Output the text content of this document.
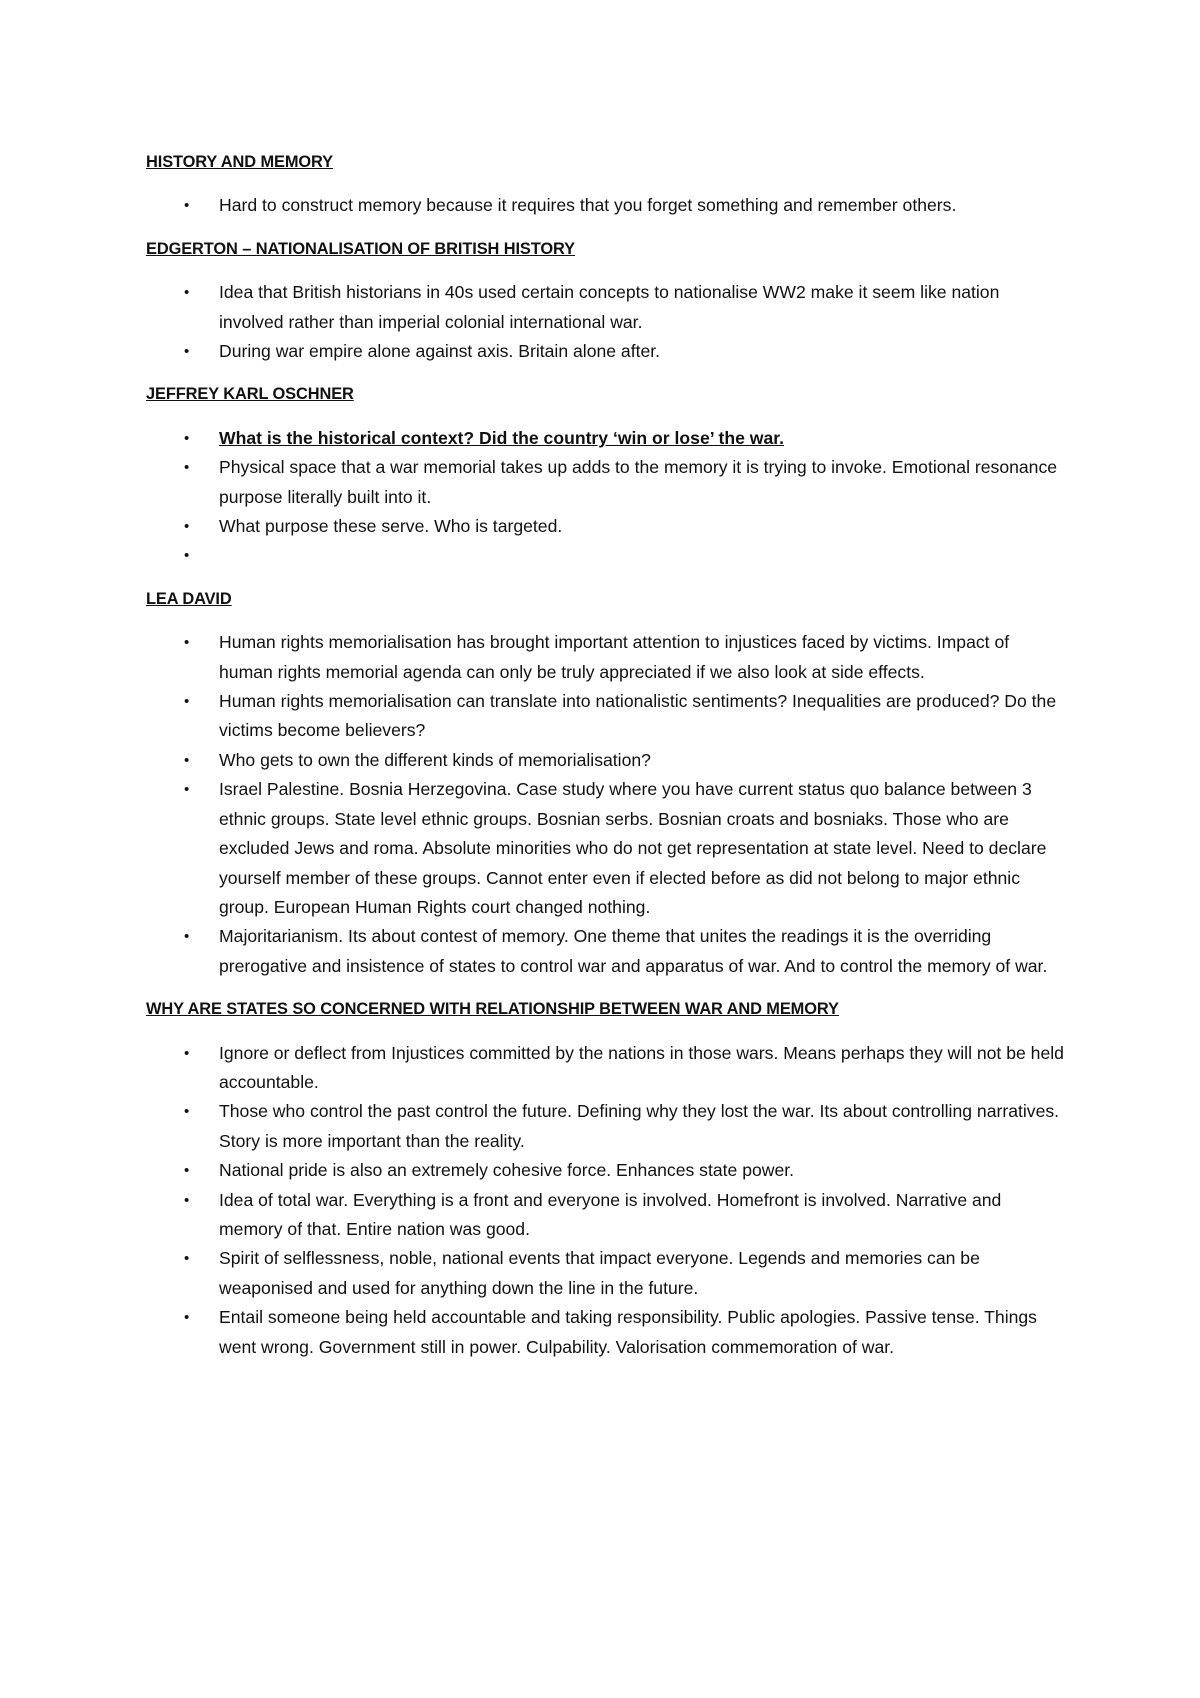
HISTORY AND MEMORY
• Hard to construct memory because it requires that you forget something and remember others.
EDGERTON – NATIONALISATION OF BRITISH HISTORY
• Idea that British historians in 40s used certain concepts to nationalise WW2 make it seem like nation involved rather than imperial colonial international war.
• During war empire alone against axis. Britain alone after.
JEFFREY KARL OSCHNER
• What is the historical context? Did the country ‘win or lose’ the war.
• Physical space that a war memorial takes up adds to the memory it is trying to invoke. Emotional resonance purpose literally built into it.
• What purpose these serve. Who is targeted.
•
LEA DAVID
• Human rights memorialisation has brought important attention to injustices faced by victims. Impact of human rights memorial agenda can only be truly appreciated if we also look at side effects.
• Human rights memorialisation can translate into nationalistic sentiments? Inequalities are produced? Do the victims become believers?
• Who gets to own the different kinds of memorialisation?
• Israel Palestine. Bosnia Herzegovina. Case study where you have current status quo balance between 3 ethnic groups. State level ethnic groups. Bosnian serbs. Bosnian croats and bosniaks. Those who are excluded Jews and roma. Absolute minorities who do not get representation at state level. Need to declare yourself member of these groups. Cannot enter even if elected before as did not belong to major ethnic group. European Human Rights court changed nothing.
• Majoritarianism. Its about contest of memory. One theme that unites the readings it is the overriding prerogative and insistence of states to control war and apparatus of war. And to control the memory of war.
WHY ARE STATES SO CONCERNED WITH RELATIONSHIP BETWEEN WAR AND MEMORY
• Ignore or deflect from Injustices committed by the nations in those wars. Means perhaps they will not be held accountable.
• Those who control the past control the future. Defining why they lost the war. Its about controlling narratives. Story is more important than the reality.
• National pride is also an extremely cohesive force. Enhances state power.
• Idea of total war. Everything is a front and everyone is involved. Homefront is involved. Narrative and memory of that. Entire nation was good.
• Spirit of selflessness, noble, national events that impact everyone. Legends and memories can be weaponised and used for anything down the line in the future.
• Entail someone being held accountable and taking responsibility. Public apologies. Passive tense. Things went wrong. Government still in power. Culpability. Valorisation commemoration of war.
